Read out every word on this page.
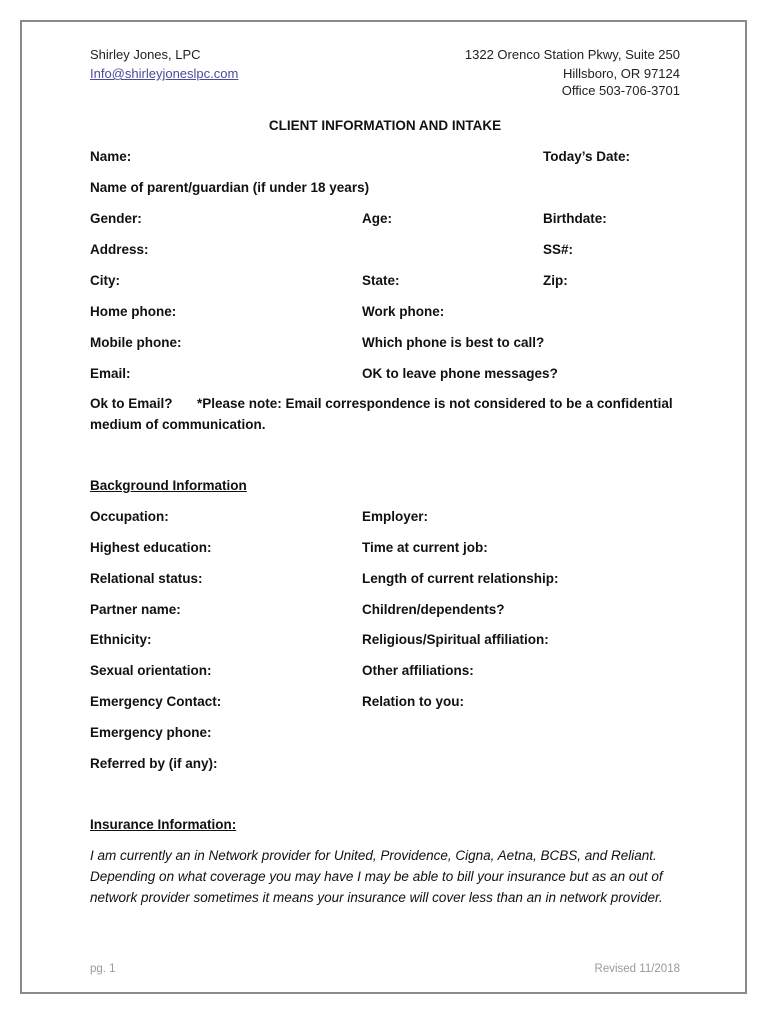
Shirley Jones, LPC
Info@shirleyjoneslpc.com
1322 Orenco Station Pkwy, Suite 250
Hillsboro, OR 97124
Office 503-706-3701
CLIENT INFORMATION AND INTAKE
Name:	Today’s Date:
Name of parent/guardian (if under 18 years)
Gender:	Age:	Birthdate:
Address:	SS#:
City:	State:	Zip:
Home phone:	Work phone:
Mobile phone:	Which phone is best to call?
Email:	OK to leave phone messages?
Ok to Email? *Please note: Email correspondence is not considered to be a confidential
medium of communication.
Background Information
Occupation:	Employer:
Highest education:	Time at current job:
Relational status:	Length of current relationship:
Partner name:	Children/dependents?
Ethnicity:	Religious/Spiritual affiliation:
Sexual orientation:	Other affiliations:
Emergency Contact:	Relation to you:
Emergency phone:
Referred by (if any):
Insurance Information:
I am currently an in Network provider for United, Providence, Cigna, Aetna, BCBS, and Reliant.
Depending on what coverage you may have I may be able to bill your insurance but as an out of
network provider sometimes it means your insurance will cover less than an in network provider.
pg. 1	Revised 11/2018
